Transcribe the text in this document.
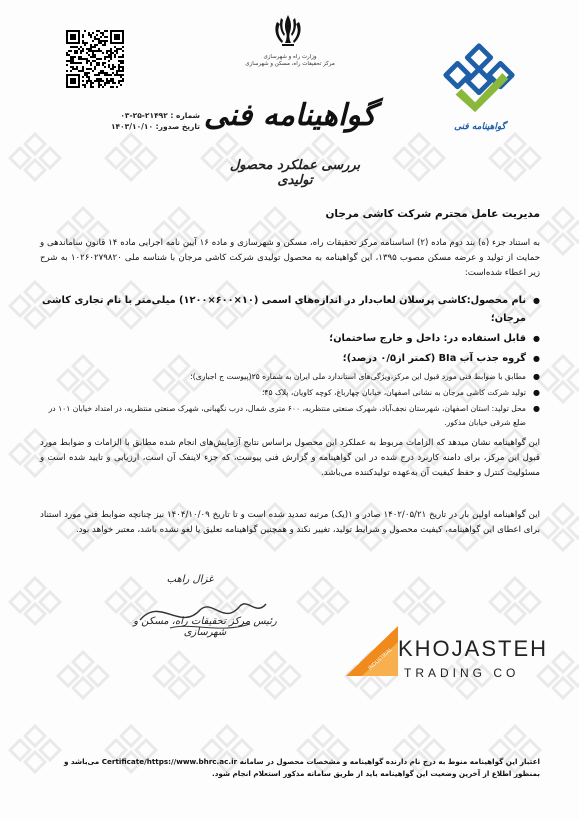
شماره : ۲۱۴۹۲-۲۵-۰۳
تاریخ صدور: ۱۴۰۳/۱۰/۱۰
وزارت راه و شهرسازی
مرکز تحقیقات راه، مسکن و شهرسازی
گواهینامه فنی
بررسی عملکرد محصول تولیدی
گواهینامه فنی
مدیریت عامل محترم شرکت کاشی مرجان

به استناد جزء (ه) بند دوم ماده (۲) اساسنامه مرکز تحقیقات راه، مسکن و شهرسازی و ماده ۱۶ آیین نامه اجرایی ماده ۱۴ قانون ساماندهی و حمایت از تولید و عرضه مسکن مصوب ۱۳۹۵، این گواهینامه به محصول تولیدی شرکت کاشی مرجان با شناسه ملی ۱۰۲۶۰۲۷۹۸۲۰ به شرح زیر اعطاء شده‌است:

● نام محصول:کاشی پرسلان لعاب‌دار در اندازه‌های اسمی (۱۰×۶۰۰×۱۲۰۰) میلی‌متر با نام تجاری کاشی مرجان؛
● قابل استفاده در: داخل و خارج ساختمان؛
● گروه جذب آب BIa (کمتر از۰/۵ درصد)؛
● مطابق با ضوابط فنی مورد قبول این مرکز،ویژگی‌های استاندارد ملی ایران به شماره ۲۵(پیوست ج اجباری)؛
● تولید شرکت کاشی مرجان به نشانی اصفهان، خیابان چهارباغ، کوچه کاویان، پلاک ۴۵؛
● محل تولید: استان اصفهان، شهرستان نجف‌آباد، شهرک صنعتی منتظریه، ۶۰۰ متری شمال، درب نگهبانی، شهرک صنعتی منتظریه، در امتداد خیابان ۱۰۱ در ضلع شرقی خیابان مذکور.

این گواهینامه نشان میدهد که الزامات مربوط به عملکرد این محصول براساس نتایج آزمایش‌های انجام شده مطابق با الزامات و ضوابط مورد قبول این مرکز، برای دامنه کاربرد درج شده در این گواهینامه و گزارش فنی پیوست، که جزء لاینفک آن است، ارزیابی و تایید شده است و مسئولیت کنترل و حفظ کیفیت آن به‌عهده تولیدکننده می‌باشد.

این گواهینامه اولین بار در تاریخ ۱۴۰۲/۰۵/۲۱ صادر و ۱(یک) مرتبه تمدید شده است و تا تاریخ ۱۴۰۴/۱۰/۰۹ نیز چنانچه ضوابط فنی مورد استناد برای اعطای این گواهینامه، کیفیت محصول و شرایط تولید، تغییر نکند و همچنین گواهینامه تعلیق یا لغو نشده باشد، معتبر خواهد بود.

غزال راهب
رئیس مرکز تحقیقات راه، مسکن و شهرسازی
INDUSTRIAL KHOJASTEH
TRADING CO

اعتبار این گواهینامه منوط به درج نام دارنده گواهینامه و مشخصات محصول در سامانه Certificate/https://www.bhrc.ac.ir می‌باشد و بمنظور اطلاع از آخرین وضعیت این گواهینامه باید از طریق سامانه مذکور استعلام انجام شود.
